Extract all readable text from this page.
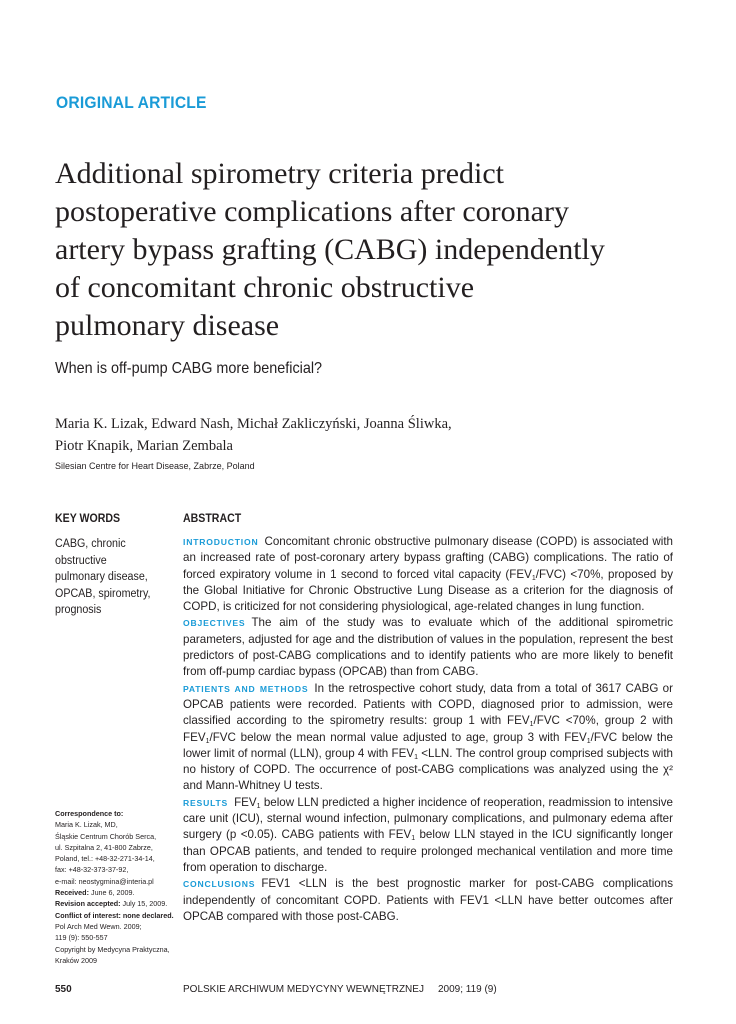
ORIGINAL ARTICLE
Additional spirometry criteria predict
postoperative complications after coronary
artery bypass grafting (CABG) independently
of concomitant chronic obstructive
pulmonary disease
When is off-pump CABG more beneficial?
Maria K. Lizak, Edward Nash, Michał Zakliczyński, Joanna Śliwka,
Piotr Knapik, Marian Zembala
Silesian Centre for Heart Disease, Zabrze, Poland
KEY WORDS
CABG, chronic
obstructive
pulmonary disease,
OPCAB, spirometry,
prognosis
ABSTRACT

INTRODUCTION Concomitant chronic obstructive pulmonary disease (COPD) is associated with an increased rate of post-coronary artery bypass grafting (CABG) complications. The ratio of forced expiratory volume in 1 second to forced vital capacity $(FEV_1/FVC) <70\%$, proposed by the Global Initiative for Chronic Obstructive Lung Disease as a criterion for the diagnosis of COPD, is criticized for not considering physiological, age-related changes in lung function.

OBJECTIVES The aim of the study was to evaluate which of the additional spirometric parameters, adjusted for age and the distribution of values in the population, represent the best predictors of post-CABG complications and to identify patients who are more likely to benefit from off-pump cardiac bypass (OPCAB) than from CABG.

PATIENTS AND METHODS In the retrospective cohort study, data from a total of 3617 CABG or OPCAB patients were recorded. Patients with COPD, diagnosed prior to admission, were classified according to the spirometry results: group 1 with $FEV_1$/FVC <70%, group 2 with $FEV_1$/FVC below the mean normal value adjusted to age, group 3 with $FEV_1$/FVC below the lower limit of normal (LLN), group 4 with $FEV_1 <LLN$. The control group comprised subjects with no history of COPD. The occurrence of post-CABG complications was analyzed using the χ² and Mann-Whitney U tests.

RESULTS $FEV_1$ below LLN predicted a higher incidence of reoperation, readmission to intensive care unit (ICU), sternal wound infection, pulmonary complications, and pulmonary edema after surgery (p <0.05). CABG patients with $FEV_1$ below LLN stayed in the ICU significantly longer than OPCAB patients, and tended to require prolonged mechanical ventilation and more time from operation to discharge.

CONCLUSIONS FEV1 <LLN is the best prognostic marker for post-CABG complications independently of concomitant COPD. Patients with FEV1 <LLN have better outcomes after OPCAB compared with those post-CABG.

Correspondence to:
Maria K. Lizak, MD,
Śląskie Centrum Chorób Serca,
ul. Szpitalna 2, 41-800 Zabrze,
Poland, tel.: +48-32-271-34-14,
fax: +48-32-373-37-92,
e-mail: neostygmina@interia.pl
Received: June 6, 2009.
Revision accepted: July 15, 2009.
Conflict of interest: none declared.
Pol Arch Med Wewn. 2009;
119 (9): 550-557
Copyright by Medycyna Praktyczna,
Kraków 2009
550	POLSKIE ARCHIWUM MEDYCYNY WEWNĘTRZNEJ 2009; 119 (9)
